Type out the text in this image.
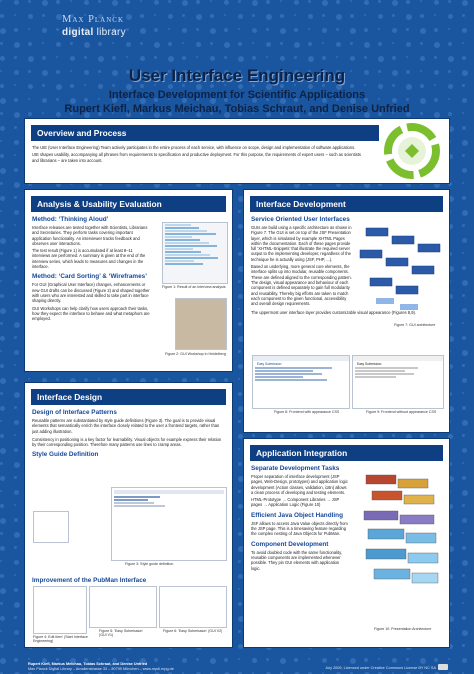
Max Planck
digital library
User Interface Engineering
Interface Development for Scientific Applications
Rupert Kiefl, Markus Meichau, Tobias Schraut, and Denise Unfried
Overview and Process
The UIE (User Interface Engineering) Team actively participates in the entire process of each service, with influence on scope, design and implementation of software applications.
UIE shapes usability, accompanying all phrases from requirements to specification and productive deployment. For this purpose, the requirements of expert users – such as scientists and librarians – are taken into account.
Analysis & Usability Evaluation
Method: ‘Thinking Aloud’
Interface releases are tested together with Scientists, Librarians and Secretaries. They perform tasks covering important application functionality. An interviewer tracks feedback and observes user interactions.
The test result (Figure 1) is accumulated if at least 8–11 interviews are performed. A summary is given at the end of the interview series, which leads to measures and changes in the interface.
Method: ‘Card Sorting’ & ‘Wireframes’
For GUI (Graphical User Interface) changes, enhancements or new GUI drafts can be discussed (Figure 2) and shaped together with users who are interested and skilled to take part in interface shaping directly.
GUI Workshops can help clarify how users approach their tasks, how they expect the interface to behave and what metaphors are employed.
Figure 1: Result of an interview analysis
Figure 2: GUI Workshop in Heidelberg
Interface Development
Service Oriented User Interfaces
GUIs are build using a specific architecture as shown in Figure 7. The GUI is set on top of the JSF Presentation layer, which is simulated by example XHTML Pages within the documentation. Each of these pages provide full ‘XHTML-Snippets’ that illustrate the required server output to the implementing developer, regardless of the technique he is actually using (JSF, PHP, ...).
Based on underlying, more general core elements, the interface splits up into modular, reusable components. These are defined aligned to the corresponding pattern. The design, visual appearance and behaviour of each component is defined separately to gain full modularity and reusability. Thereby big efforts are taken to match each component to the given functional, accessibility and overall design requirements.
The uppermost user interface layer provides customizable visual appearance (Figures 8,9).
Figure 7: GUI architecture
Easy Submission
Figure 8: Frontend with appearance CSS
Easy Submission
Figure 9: Frontend without appearance CSS
Interface Design
Design of Interface Patterns
Reusable patterns are substantiated by style guide definitions (Figure 3). The goal is to provide visual elements that semantically enrich the interface closely related to the user a frontend targets, rather than just adding illustration.
Consistency in positioning is a key factor for learnability. Visual objects for example express their relation by their corresponding position. Therefore many patterns use lines to cramp areas.
Style Guide Definition
Figure 3: Style guide definition
Improvement of the PubMan Interface
Figure 4: Edit Item' (Start Interface Engineering)
Figure 5: 'Easy Submission' (GUI V1)
Figure 6: 'Easy Submission' (GUI V2)
Application Integration
Separate Development Tasks
Proper separation of interface development (JSP pages, Web-Design, prototypes) and application logic development (Action classes, validation, i18n) allows a clean process of developing and testing elements.
HTML-Prototype → Component Libraries → JSP pages → Application Logic (Figure 10)
Efficient Java Object Handling
JSF allows to access Java Value objects directly from the JSP page. This is a timesaving feature regarding the complex nesting of Java Objects for PubMan.
Component Development
To avoid doubled code with the same functionality, reusable components are implemented whenever possible. They pin GUI elements with application logic.
Figure 10: Presentation Architecture
Rupert Kiefl, Markus Meichau, Tobias Schraut, and Denise Unfried
Max Planck Digital Library – Amalienstrasse 33 – 80799 München – www.mpdl.mpg.de	July 2009, Licenced under Creative Commons License BY NC SA
